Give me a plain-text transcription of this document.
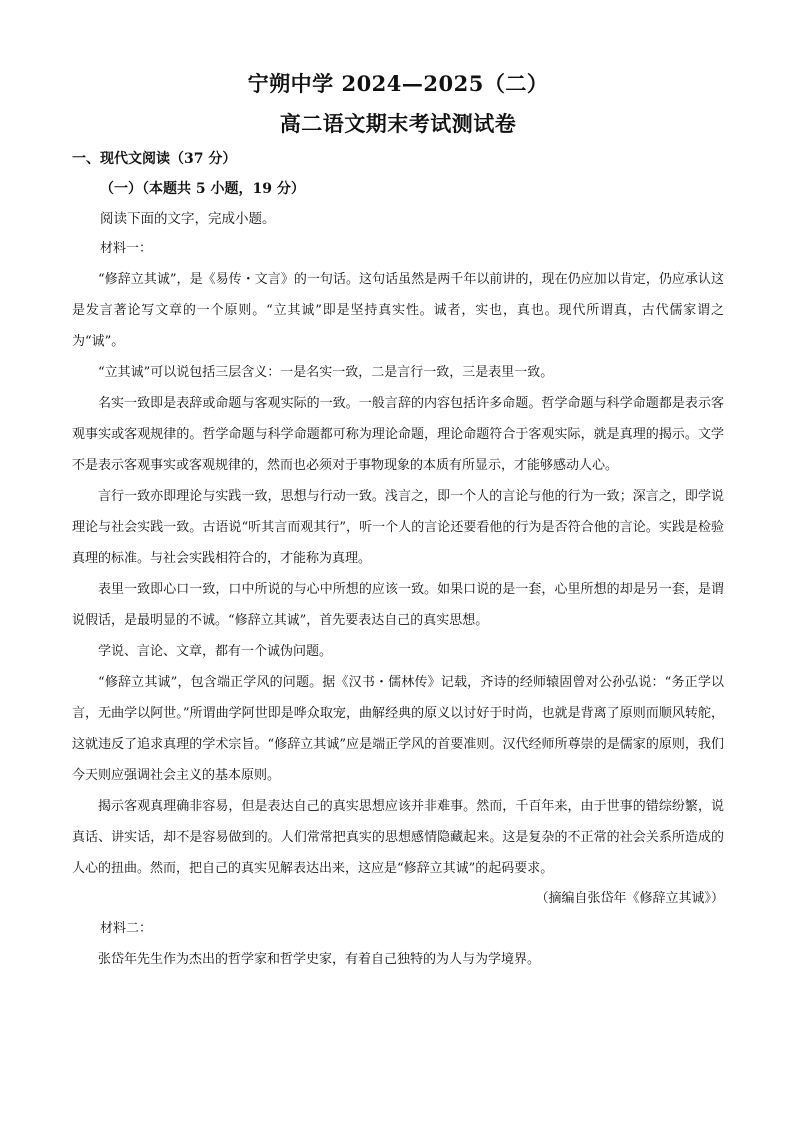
宁朔中学 2024—2025（二）
高二语文期末考试测试卷
一、现代文阅读（37 分）
（一）（本题共 5 小题，19 分）
阅读下面的文字，完成小题。
材料一：

“修辞立其诚”，是《易传・文言》的一句话。这句话虽然是两千年以前讲的，现在仍应加以肯定，仍应承认这是发言著论写文章的一个原则。“立其诚”即是坚持真实性。诚者，实也，真也。现代所谓真，古代儒家谓之为“诚”。

“立其诚”可以说包括三层含义：一是名实一致，二是言行一致，三是表里一致。

名实一致即是表辞或命题与客观实际的一致。一般言辞的内容包括许多命题。哲学命题与科学命题都是表示客观事实或客观规律的。哲学命题与科学命题都可称为理论命题，理论命题符合于客观实际，就是真理的揭示。文学不是表示客观事实或客观规律的，然而也必须对于事物现象的本质有所显示，才能够感动人心。

言行一致亦即理论与实践一致，思想与行动一致。浅言之，即一个人的言论与他的行为一致；深言之，即学说理论与社会实践一致。古语说“听其言而观其行”，听一个人的言论还要看他的行为是否符合他的言论。实践是检验真理的标准。与社会实践相符合的，才能称为真理。

表里一致即心口一致，口中所说的与心中所想的应该一致。如果口说的是一套，心里所想的却是另一套，是谓说假话，是最明显的不诚。“修辞立其诚”，首先要表达自己的真实思想。

学说、言论、文章，都有一个诚伪问题。

“修辞立其诚”，包含端正学风的问题。据《汉书・儒林传》记载，齐诗的经师辕固曾对公孙弘说：“务正学以言，无曲学以阿世。”所谓曲学阿世即是哗众取宠，曲解经典的原义以讨好于时尚，也就是背离了原则而顺风转舵，这就违反了追求真理的学术宗旨。“修辞立其诚”应是端正学风的首要准则。汉代经师所尊崇的是儒家的原则，我们今天则应强调社会主义的基本原则。

揭示客观真理确非容易，但是表达自己的真实思想应该并非难事。然而，千百年来，由于世事的错综纷繁，说真话、讲实话，却不是容易做到的。人们常常把真实的思想感情隐藏起来。这是复杂的不正常的社会关系所造成的人心的扭曲。然而，把自己的真实见解表达出来，这应是“修辞立其诚”的起码要求。

（摘编自张岱年《修辞立其诚》）
材料二：

张岱年先生作为杰出的哲学家和哲学史家，有着自己独特的为人与为学境界。
